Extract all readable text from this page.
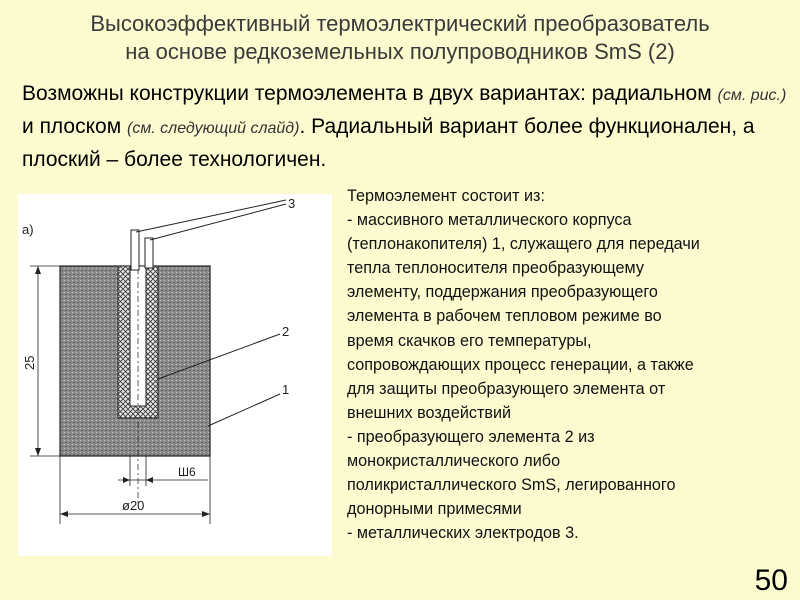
Высокоэффективный термоэлектрический преобразователь
на основе редкоземельных полупроводников SmS (2)
Возможны конструкции термоэлемента в двух вариантах: радиальном (см. рис.) и плоском (см. следующий слайд). Радиальный вариант более функционален, а плоский – более технологичен.
а)
3
2
1
25
ø20
Ш6
Термоэлемент состоит из:
- массивного металлического корпуса
(теплонакопителя) 1, служащего для передачи
тепла теплоносителя преобразующему
элементу, поддержания преобразующего
элемента в рабочем тепловом режиме во
время скачков его температуры,
сопровождающих процесс генерации, а также
для защиты преобразующего элемента от
внешних воздействий
- преобразующего элемента 2 из
монокристаллического либо
поликристаллического SmS, легированного
донорными примесями
- металлических электродов 3.
50
